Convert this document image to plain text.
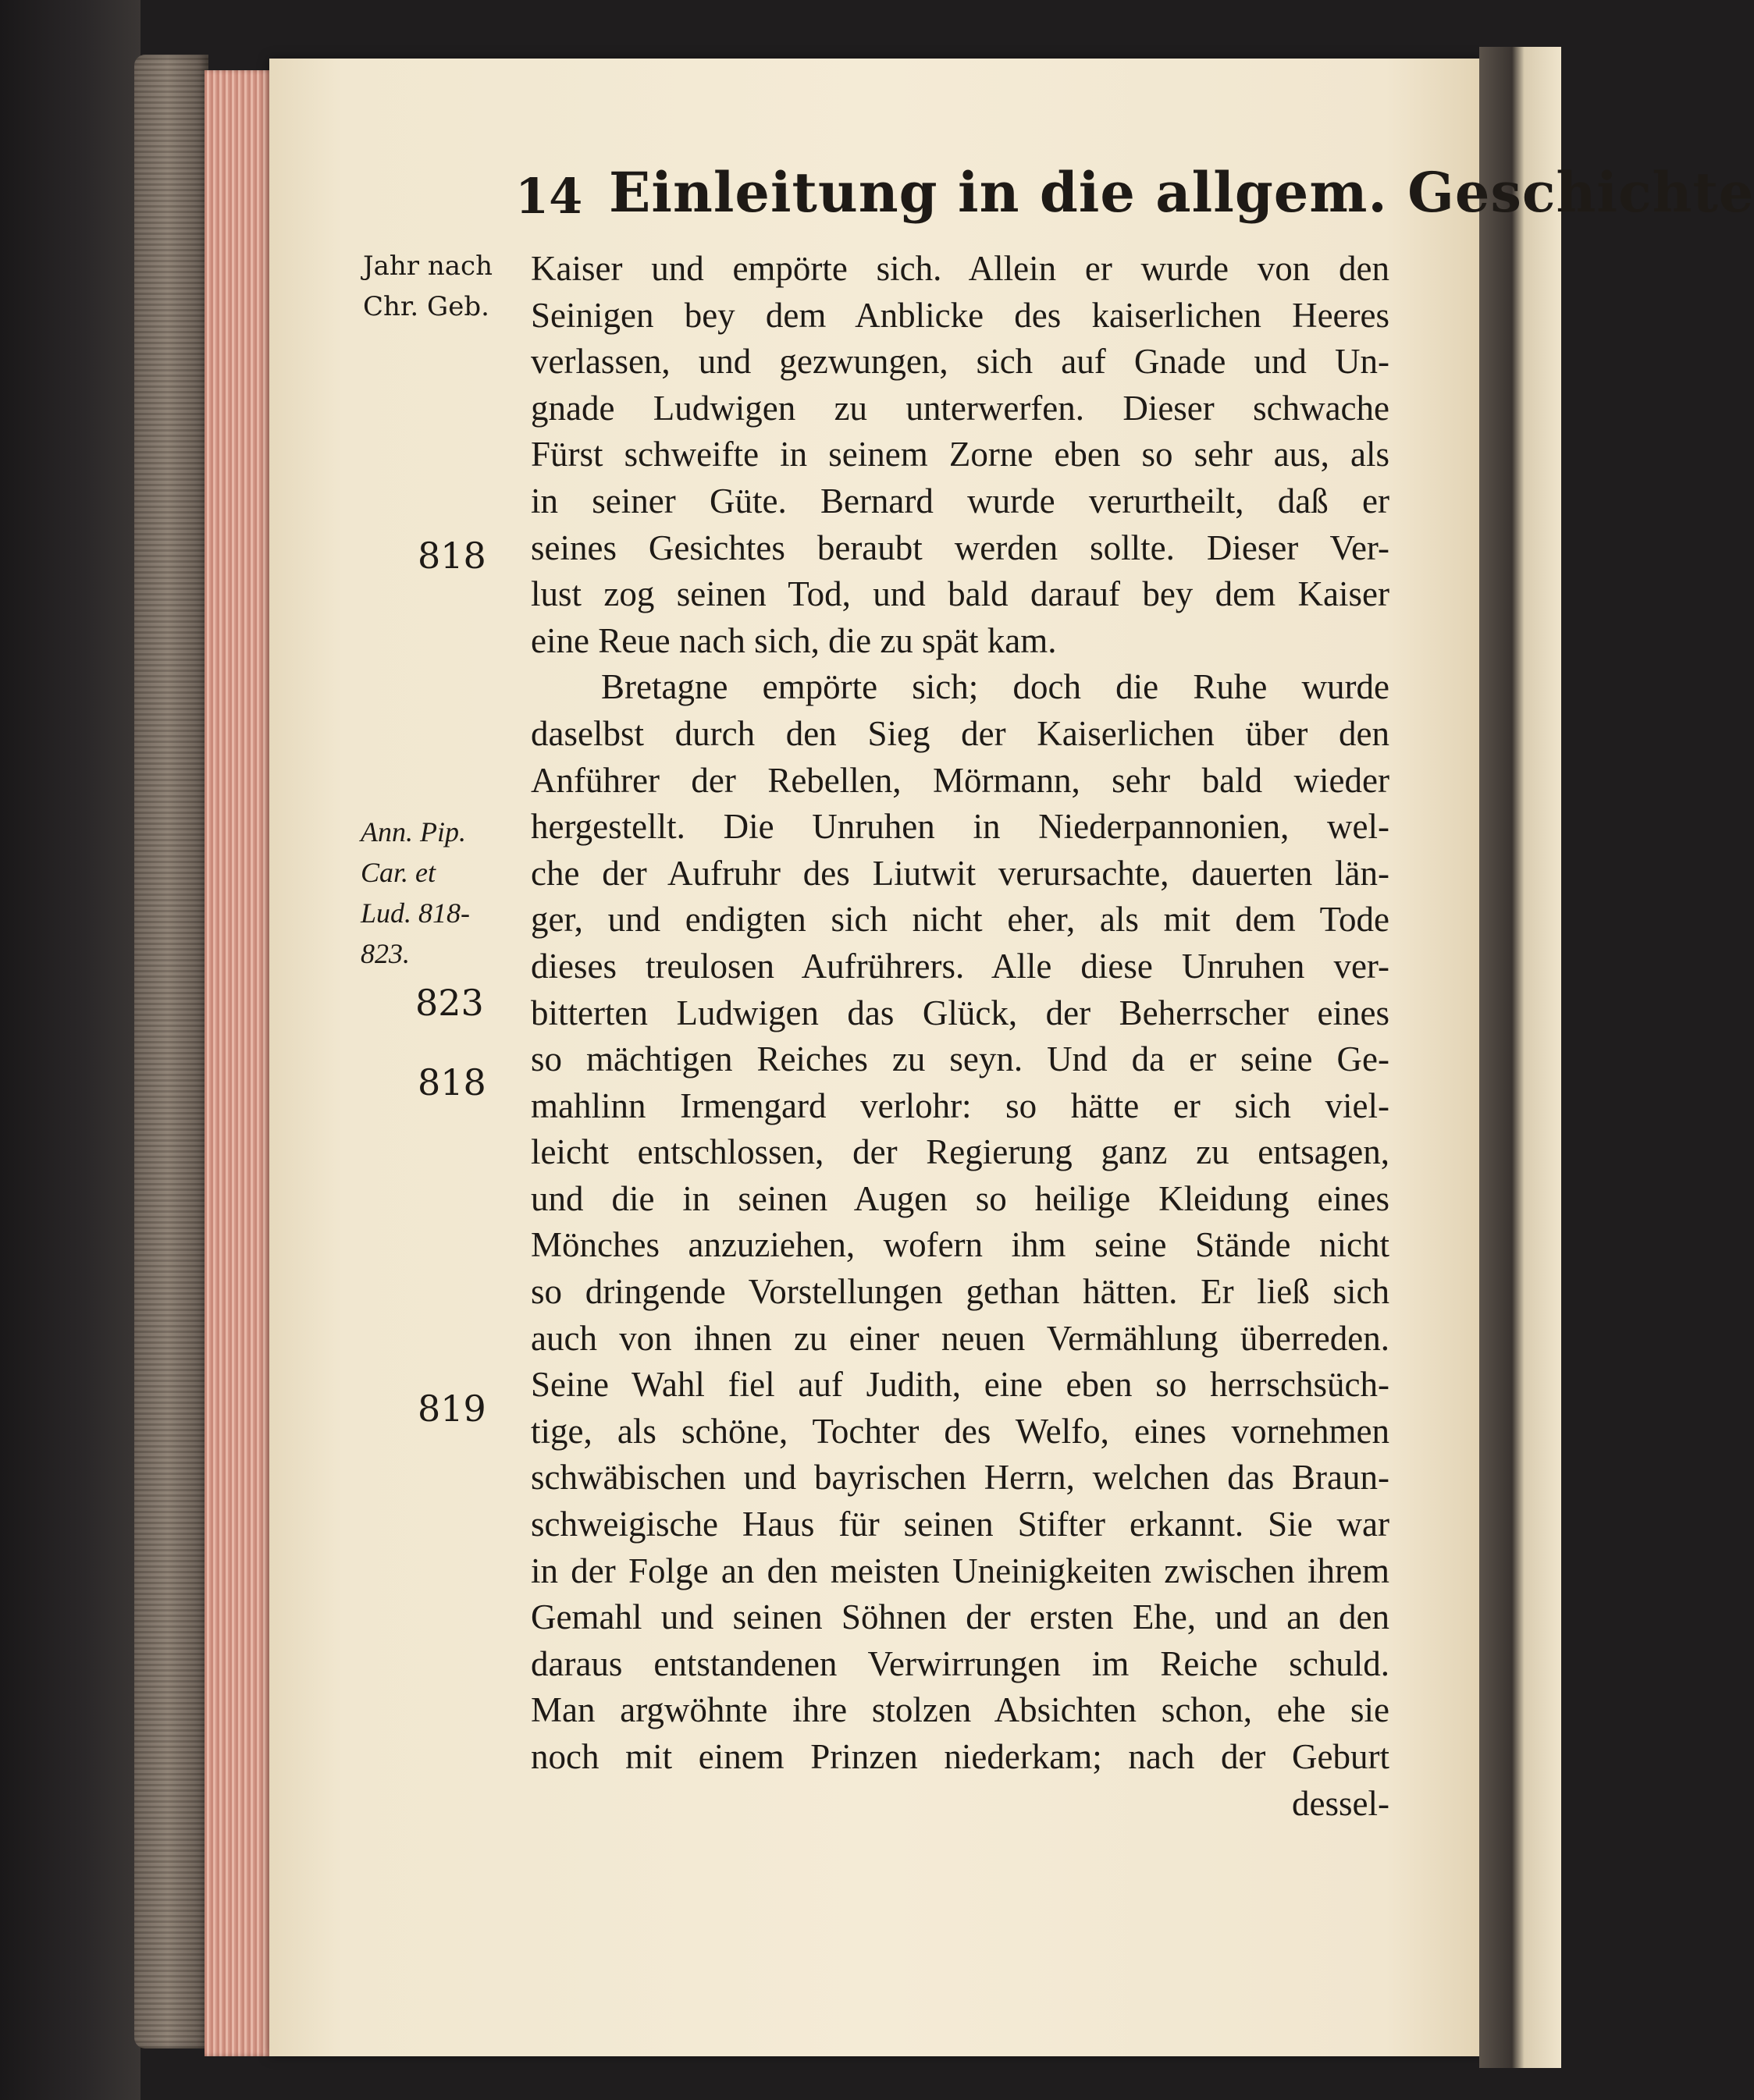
14 Einleitung in die allgem. Geschichte
Jahr nach
Chr. Geb.
818
823
818
819
Ann. Pip.
Car. et
Lud. 818-
823.
Kaiser und empörte sich. Allein er wurde von den
Seinigen bey dem Anblicke des kaiserlichen Heeres
verlassen, und gezwungen, sich auf Gnade und Un-
gnade Ludwigen zu unterwerfen. Dieser schwache
Fürst schweifte in seinem Zorne eben so sehr aus, als
in seiner Güte. Bernard wurde verurtheilt, daß er
seines Gesichtes beraubt werden sollte. Dieser Ver-
lust zog seinen Tod, und bald darauf bey dem Kaiser
eine Reue nach sich, die zu spät kam.
Bretagne empörte sich; doch die Ruhe wurde
daselbst durch den Sieg der Kaiserlichen über den
Anführer der Rebellen, Mörmann, sehr bald wieder
hergestellt. Die Unruhen in Niederpannonien, wel-
che der Aufruhr des Liutwit verursachte, dauerten län-
ger, und endigten sich nicht eher, als mit dem Tode
dieses treulosen Aufrührers. Alle diese Unruhen ver-
bitterten Ludwigen das Glück, der Beherrscher eines
so mächtigen Reiches zu seyn. Und da er seine Ge-
mahlinn Irmengard verlohr: so hätte er sich viel-
leicht entschlossen, der Regierung ganz zu entsagen,
und die in seinen Augen so heilige Kleidung eines
Mönches anzuziehen, wofern ihm seine Stände nicht
so dringende Vorstellungen gethan hätten. Er ließ sich
auch von ihnen zu einer neuen Vermählung überreden.
Seine Wahl fiel auf Judith, eine eben so herrschsüch-
tige, als schöne, Tochter des Welfo, eines vornehmen
schwäbischen und bayrischen Herrn, welchen das Braun-
schweigische Haus für seinen Stifter erkannt. Sie war
in der Folge an den meisten Uneinigkeiten zwischen ihrem
Gemahl und seinen Söhnen der ersten Ehe, und an den
daraus entstandenen Verwirrungen im Reiche schuld.
Man argwöhnte ihre stolzen Absichten schon, ehe sie
noch mit einem Prinzen niederkam; nach der Geburt
dessel-
